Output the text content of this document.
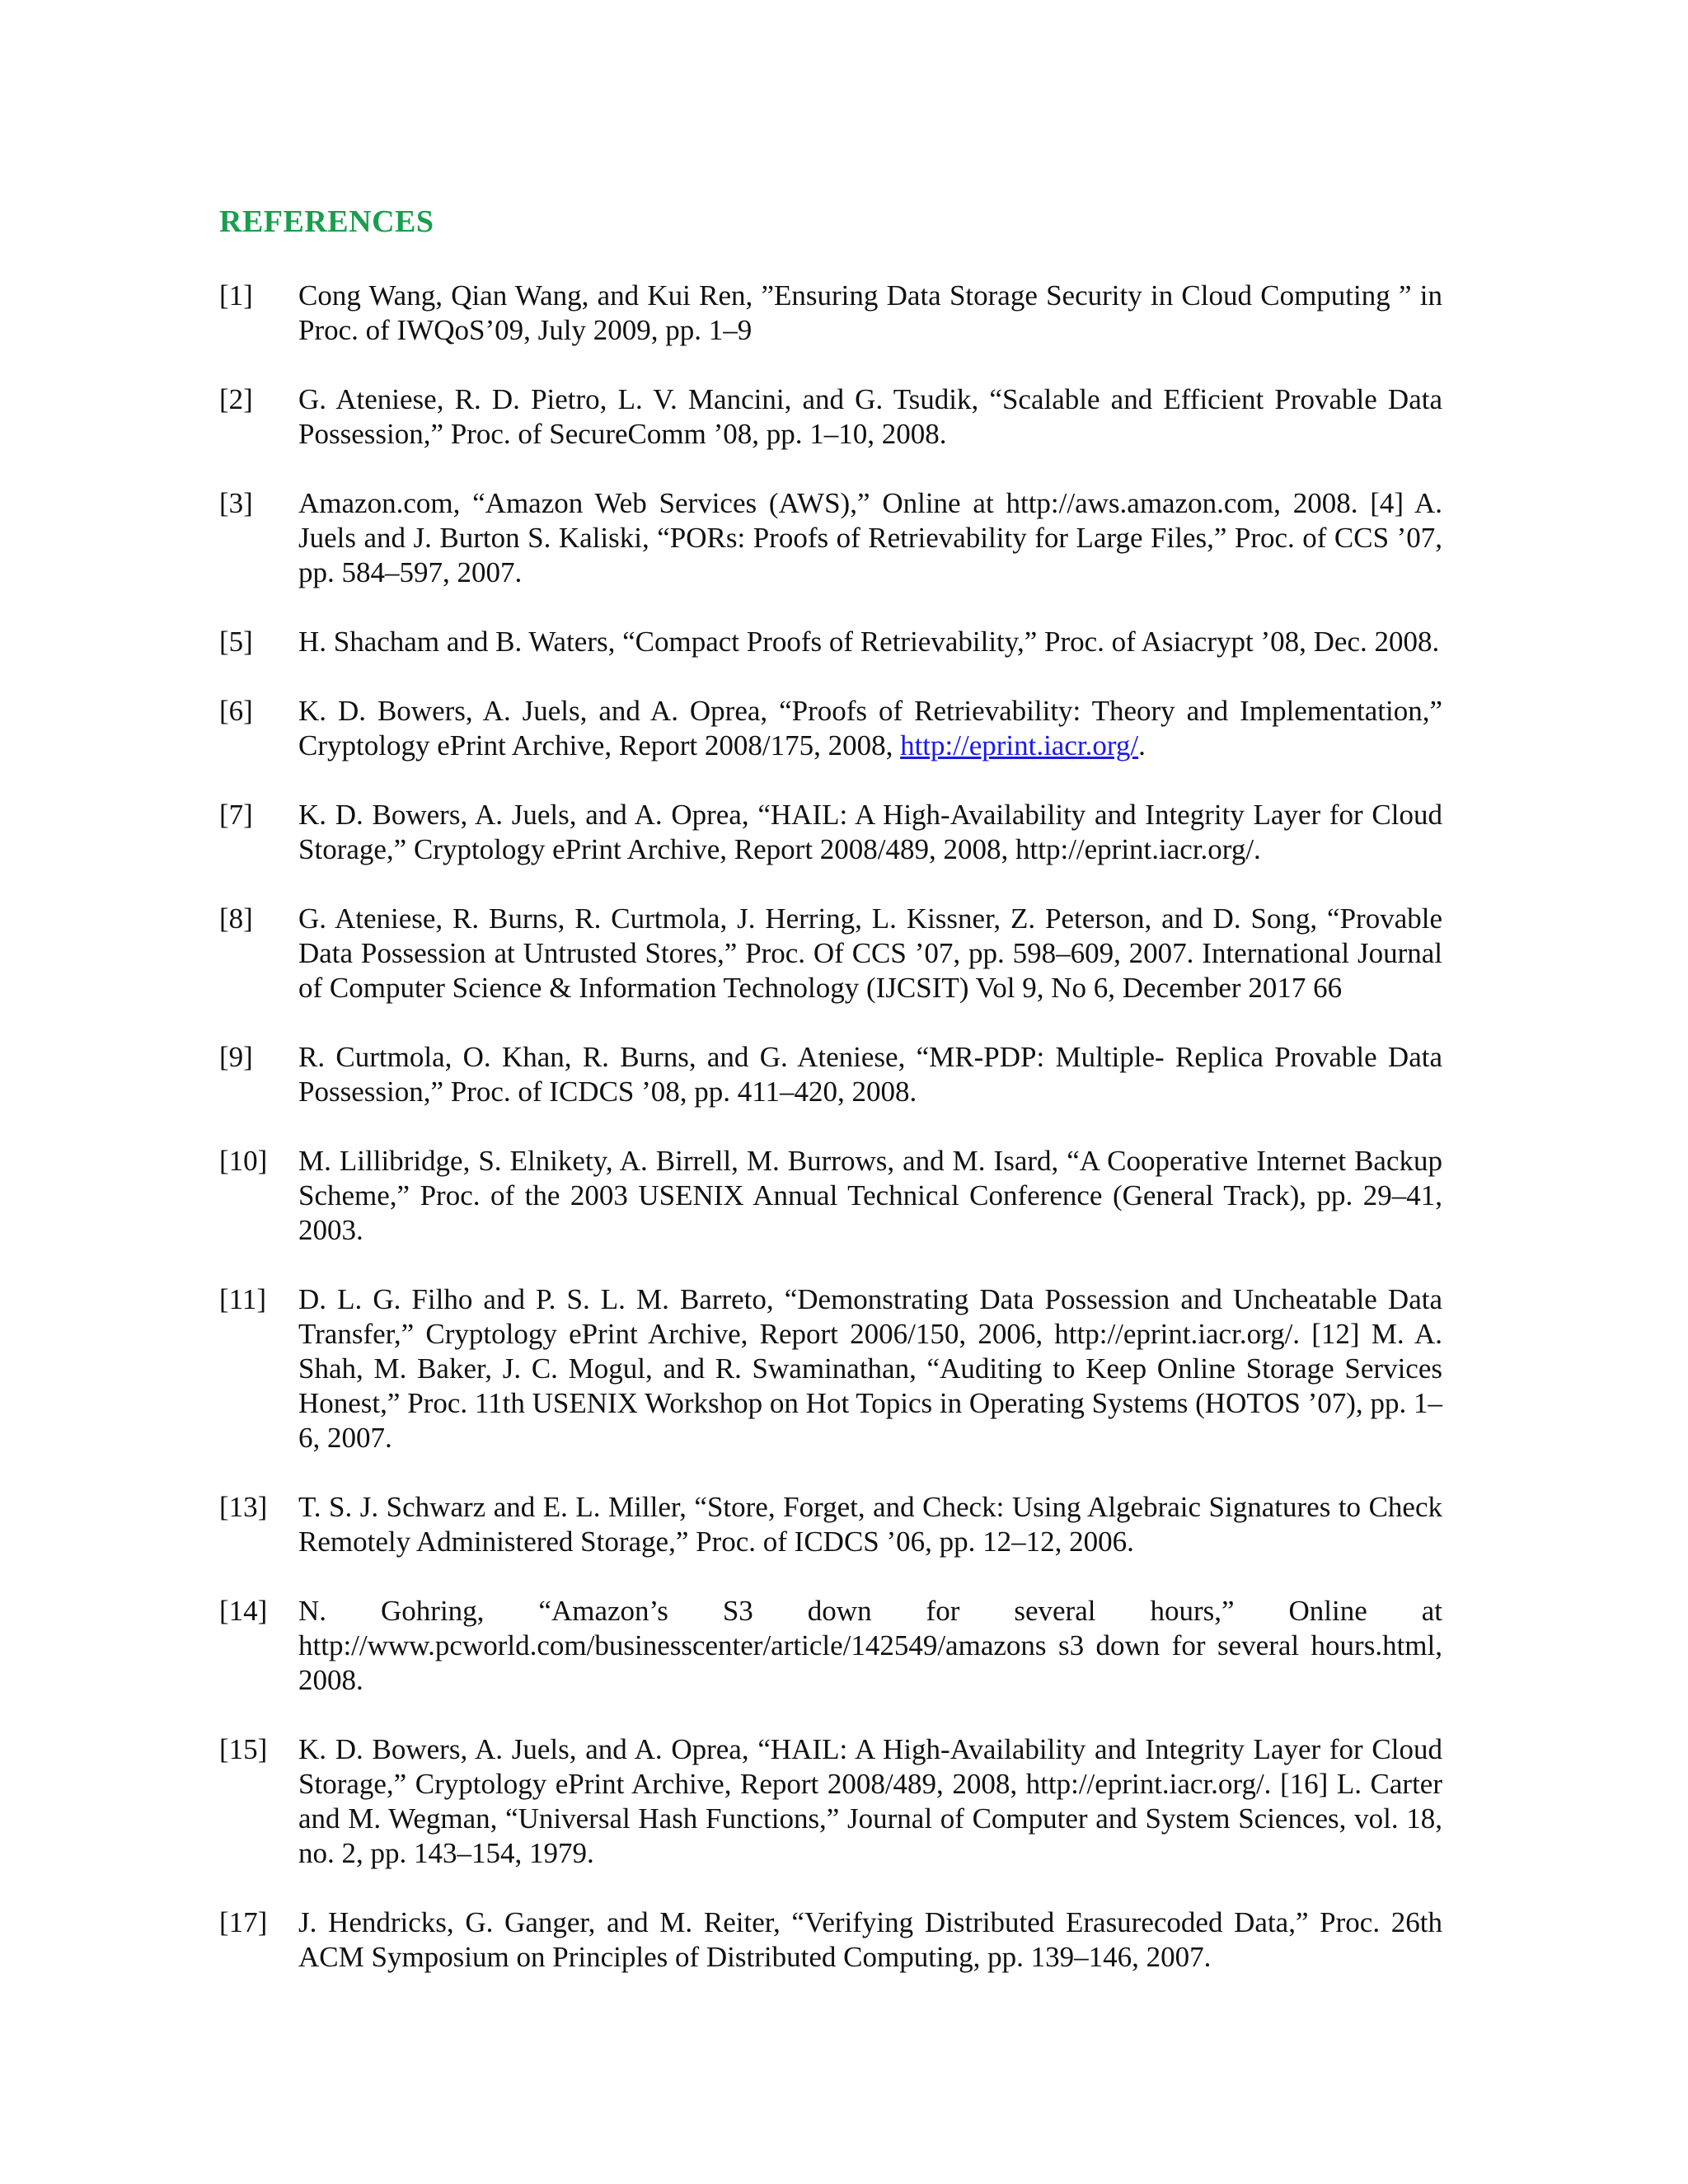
REFERENCES
[1]	Cong Wang, Qian Wang, and Kui Ren, ”Ensuring Data Storage Security in Cloud Computing ” in Proc. of IWQoS’09, July 2009, pp. 1–9
[2]	G. Ateniese, R. D. Pietro, L. V. Mancini, and G. Tsudik, “Scalable and Efficient Provable Data Possession,” Proc. of SecureComm ’08, pp. 1–10, 2008.
[3]	Amazon.com, “Amazon Web Services (AWS),” Online at http://aws.amazon.com, 2008. [4] A. Juels and J. Burton S. Kaliski, “PORs: Proofs of Retrievability for Large Files,” Proc. of CCS ’07, pp. 584–597, 2007.
[5]	H. Shacham and B. Waters, “Compact Proofs of Retrievability,” Proc. of Asiacrypt ’08, Dec. 2008.
[6]	K. D. Bowers, A. Juels, and A. Oprea, “Proofs of Retrievability: Theory and Implementation,” Cryptology ePrint Archive, Report 2008/175, 2008, http://eprint.iacr.org/.
[7]	K. D. Bowers, A. Juels, and A. Oprea, “HAIL: A High-Availability and Integrity Layer for Cloud Storage,” Cryptology ePrint Archive, Report 2008/489, 2008, http://eprint.iacr.org/.
[8]	G. Ateniese, R. Burns, R. Curtmola, J. Herring, L. Kissner, Z. Peterson, and D. Song, “Provable Data Possession at Untrusted Stores,” Proc. Of CCS ’07, pp. 598–609, 2007. International Journal of Computer Science & Information Technology (IJCSIT) Vol 9, No 6, December 2017 66
[9]	R. Curtmola, O. Khan, R. Burns, and G. Ateniese, “MR-PDP: Multiple- Replica Provable Data Possession,” Proc. of ICDCS ’08, pp. 411–420, 2008.
[10]	M. Lillibridge, S. Elnikety, A. Birrell, M. Burrows, and M. Isard, “A Cooperative Internet Backup Scheme,” Proc. of the 2003 USENIX Annual Technical Conference (General Track), pp. 29–41, 2003.
[11]	D. L. G. Filho and P. S. L. M. Barreto, “Demonstrating Data Possession and Uncheatable Data Transfer,” Cryptology ePrint Archive, Report 2006/150, 2006, http://eprint.iacr.org/. [12] M. A. Shah, M. Baker, J. C. Mogul, and R. Swaminathan, “Auditing to Keep Online Storage Services Honest,” Proc. 11th USENIX Workshop on Hot Topics in Operating Systems (HOTOS ’07), pp. 1–6, 2007.
[13]	T. S. J. Schwarz and E. L. Miller, “Store, Forget, and Check: Using Algebraic Signatures to Check Remotely Administered Storage,” Proc. of ICDCS ’06, pp. 12–12, 2006.
[14]	N. Gohring, “Amazon’s S3 down for several hours,” Online at http://www.pcworld.com/businesscenter/article/142549/amazons s3 down for several hours.html, 2008.
[15]	K. D. Bowers, A. Juels, and A. Oprea, “HAIL: A High-Availability and Integrity Layer for Cloud Storage,” Cryptology ePrint Archive, Report 2008/489, 2008, http://eprint.iacr.org/. [16] L. Carter and M. Wegman, “Universal Hash Functions,” Journal of Computer and System Sciences, vol. 18, no. 2, pp. 143–154, 1979.
[17]	J. Hendricks, G. Ganger, and M. Reiter, “Verifying Distributed Erasurecoded Data,” Proc. 26th ACM Symposium on Principles of Distributed Computing, pp. 139–146, 2007.
